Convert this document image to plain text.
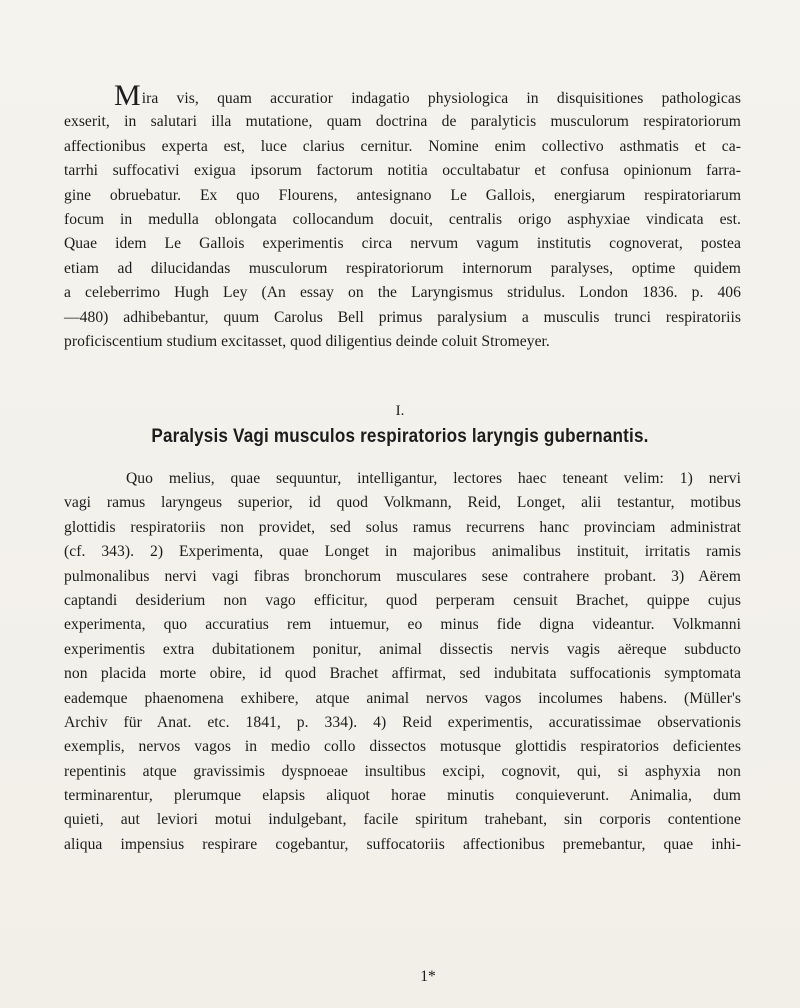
Mira vis, quam accuratior indagatio physiologica in disquisitiones pathologicas
exserit, in salutari illa mutatione, quam doctrina de paralyticis musculorum respiratoriorum
affectionibus experta est, luce clarius cernitur. Nomine enim collectivo asthmatis et ca-
tarrhi suffocativi exigua ipsorum factorum notitia occultabatur et confusa opinionum farra-
gine obruebatur. Ex quo Flourens, antesignano Le Gallois, energiarum respiratoriarum
focum in medulla oblongata collocandum docuit, centralis origo asphyxiae vindicata est.
Quae idem Le Gallois experimentis circa nervum vagum institutis cognoverat, postea
etiam ad dilucidandas musculorum respiratoriorum internorum paralyses, optime quidem
a celeberrimo Hugh Ley (An essay on the Laryngismus stridulus. London 1836. p. 406
—480) adhibebantur, quum Carolus Bell primus paralysium a musculis trunci respiratoriis
proficiscentium studium excitasset, quod diligentius deinde coluit Stromeyer.
I.
Paralysis Vagi musculos respiratorios laryngis gubernantis.
Quo melius, quae sequuntur, intelligantur, lectores haec teneant velim: 1) nervi
vagi ramus laryngeus superior, id quod Volkmann, Reid, Longet, alii testantur, motibus
glottidis respiratoriis non providet, sed solus ramus recurrens hanc provinciam administrat
(cf. 343). 2) Experimenta, quae Longet in majoribus animalibus instituit, irritatis ramis
pulmonalibus nervi vagi fibras bronchorum musculares sese contrahere probant. 3) Aërem
captandi desiderium non vago efficitur, quod perperam censuit Brachet, quippe cujus
experimenta, quo accuratius rem intuemur, eo minus fide digna videantur. Volkmanni
experimentis extra dubitationem ponitur, animal dissectis nervis vagis aëreque subducto
non placida morte obire, id quod Brachet affirmat, sed indubitata suffocationis symptomata
eademque phaenomena exhibere, atque animal nervos vagos incolumes habens. (Müller's
Archiv für Anat. etc. 1841, p. 334). 4) Reid experimentis, accuratissimae observationis
exemplis, nervos vagos in medio collo dissectos motusque glottidis respiratorios deficientes
repentinis atque gravissimis dyspnoeae insultibus excipi, cognovit, qui, si asphyxia non
terminarentur, plerumque elapsis aliquot horae minutis conquieverunt. Animalia, dum
quieti, aut leviori motui indulgebant, facile spiritum trahebant, sin corporis contentione
aliqua impensius respirare cogebantur, suffocatoriis affectionibus premebantur, quae inhi-
1*
